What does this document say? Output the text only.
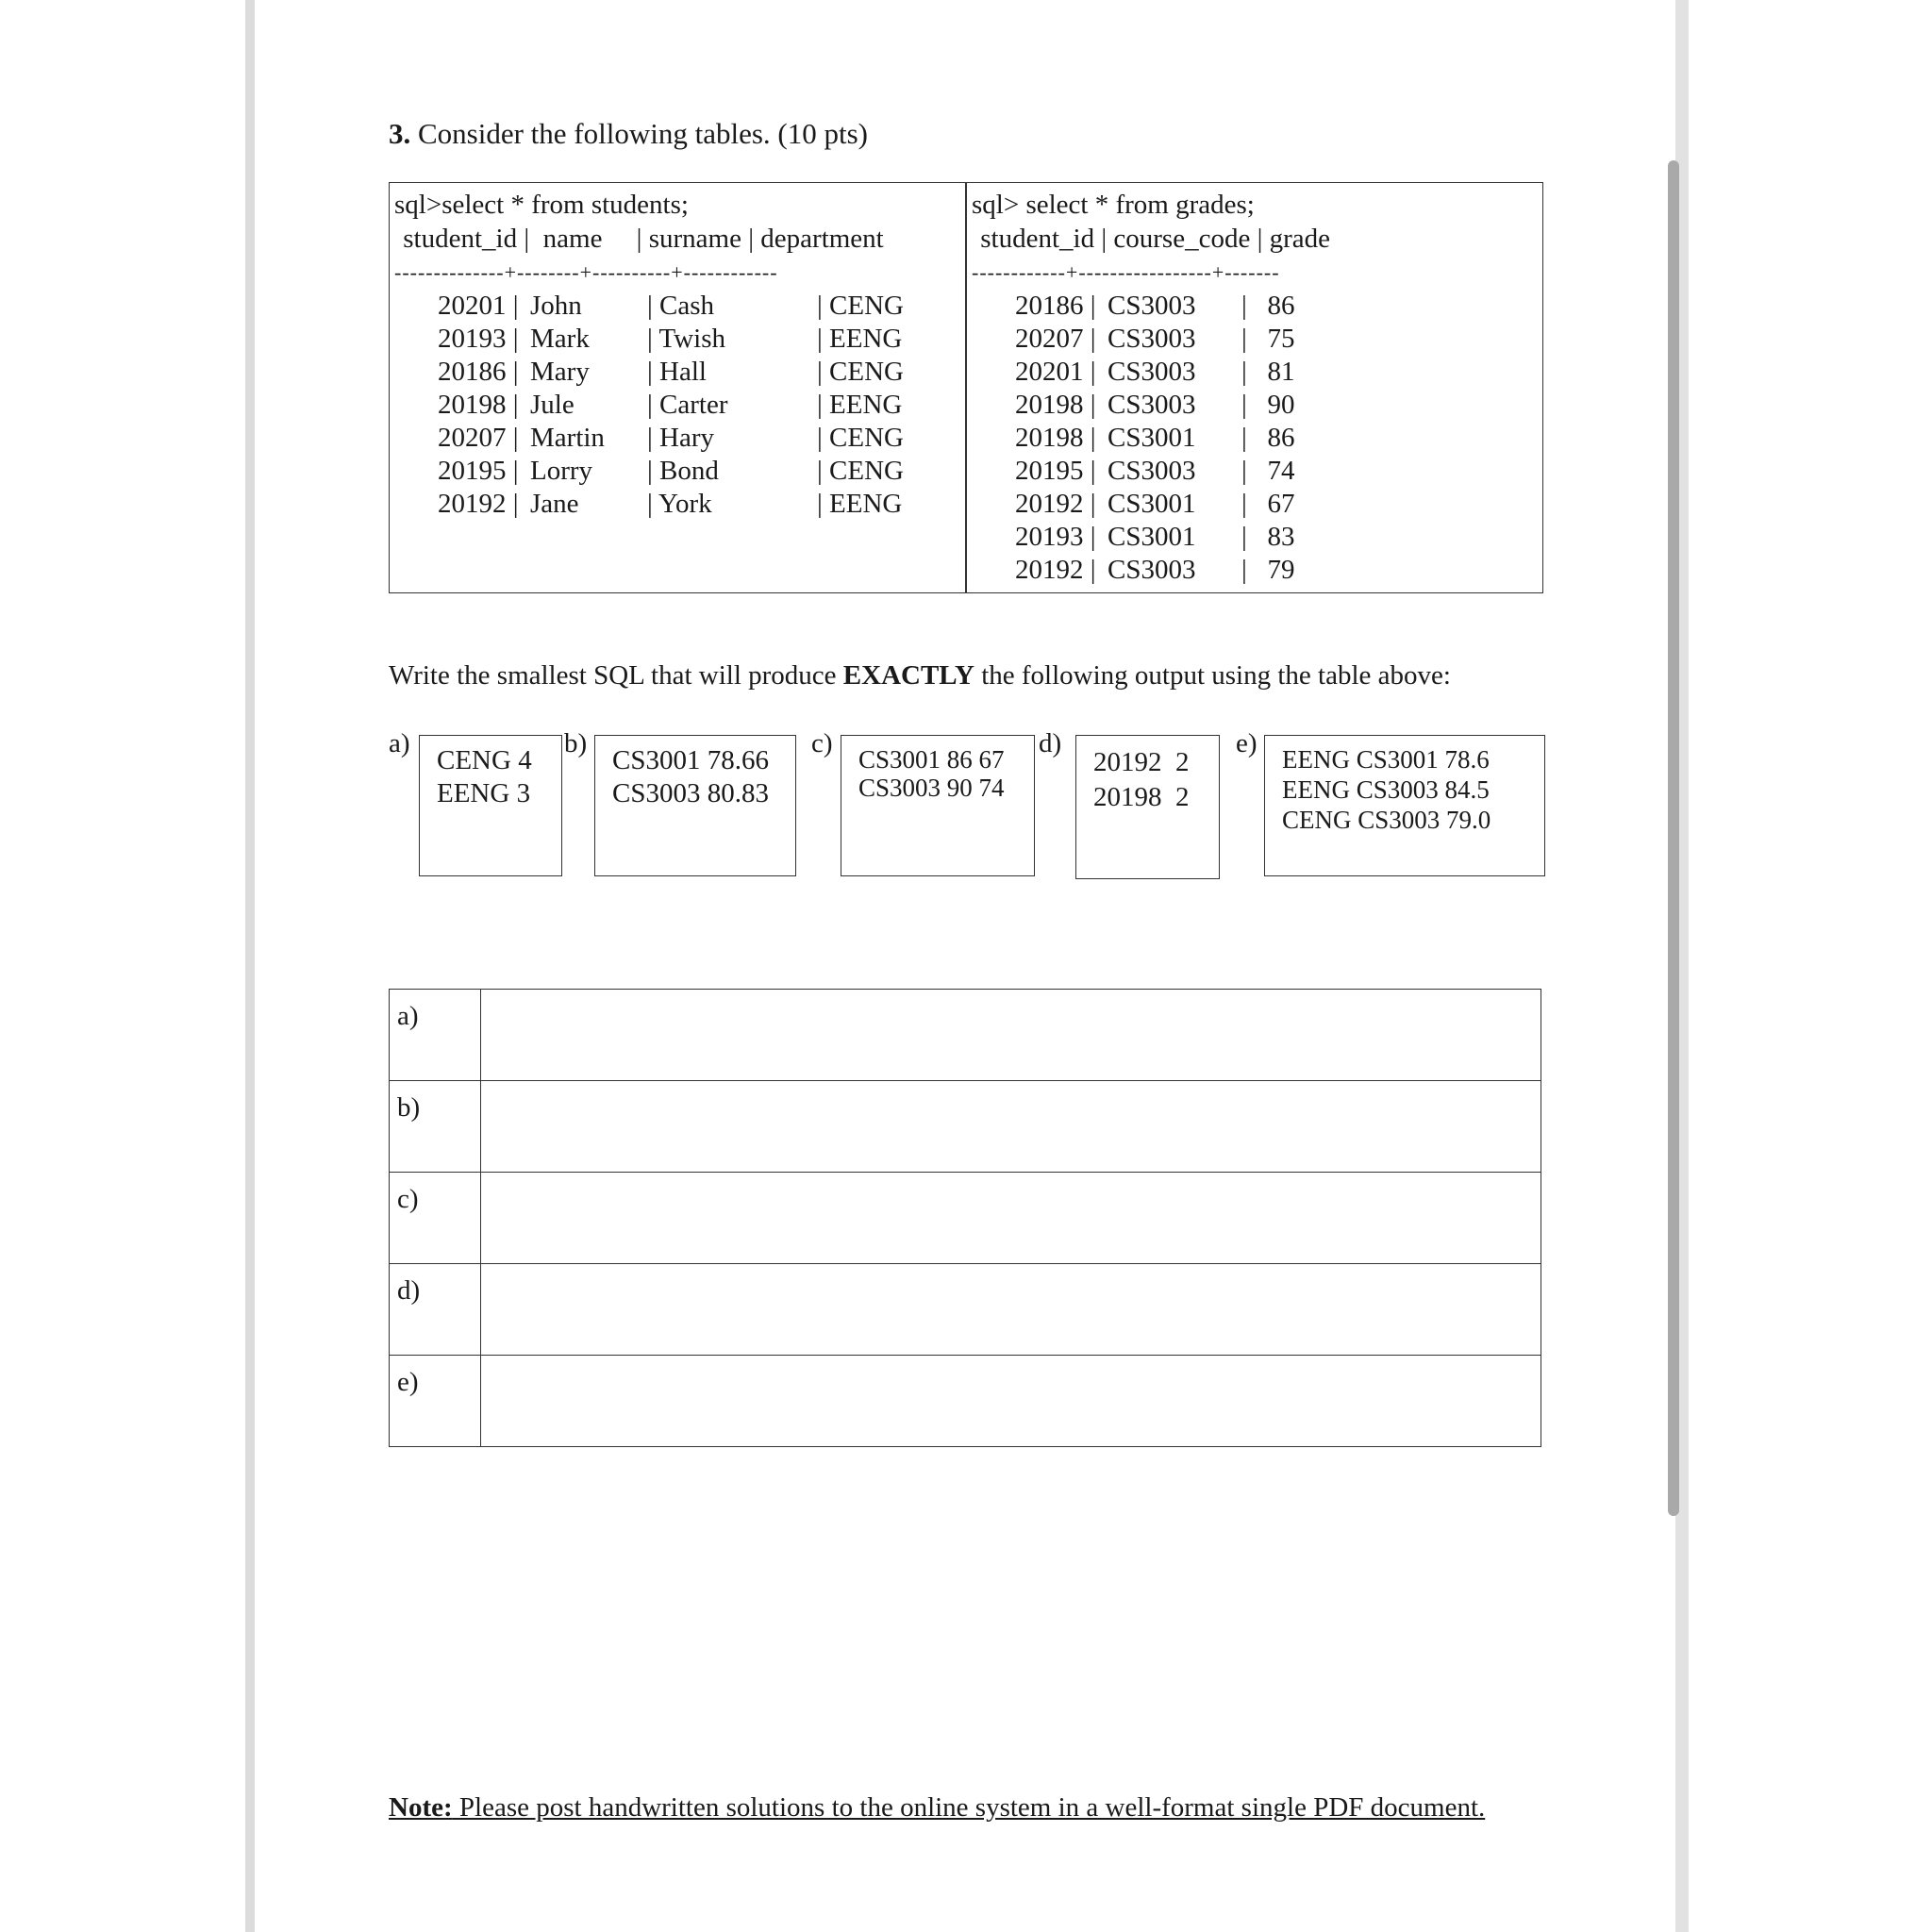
3. Consider the following tables. (10 pts)
sql>select * from students;
student_id |  name     | surname | department
--------------+--------+----------+------------
20201 | John | Cash	| CENG
20193 | Mark | Twish	| EENG
20186 | Mary | Hall	| CENG
20198 | Jule	| Carter	| EENG
20207 | Martin | Hary	| CENG
20195 | Lorry | Bond	| CENG
20192 | Jane | York	| EENG
sql> select * from grades;
student_id | course_code | grade
------------+-----------------+-------
20186 | CS3003 |   86
20207 | CS3003 |   75
20201 | CS3003 |   81
20198 | CS3003 |   90
20198 | CS3001 |   86
20195 | CS3003 |   74
20192 | CS3001 |   67
20193 | CS3001 |   83
20192 | CS3003 |   79
Write the smallest SQL that will produce EXACTLY the following output using the table above:
a)
CENG 4
EENG 3
b)
CS3001 78.66
CS3003 80.83
c)
CS3001 86 67
CS3003 90 74
d)
20192  2
20198  2
e)
EENG CS3001 78.6
EENG CS3003 84.5
CENG CS3003 79.0
a)	
b)	
c)	
d)	
e)	
Note: Please post handwritten solutions to the online system in a well-format single PDF document.
